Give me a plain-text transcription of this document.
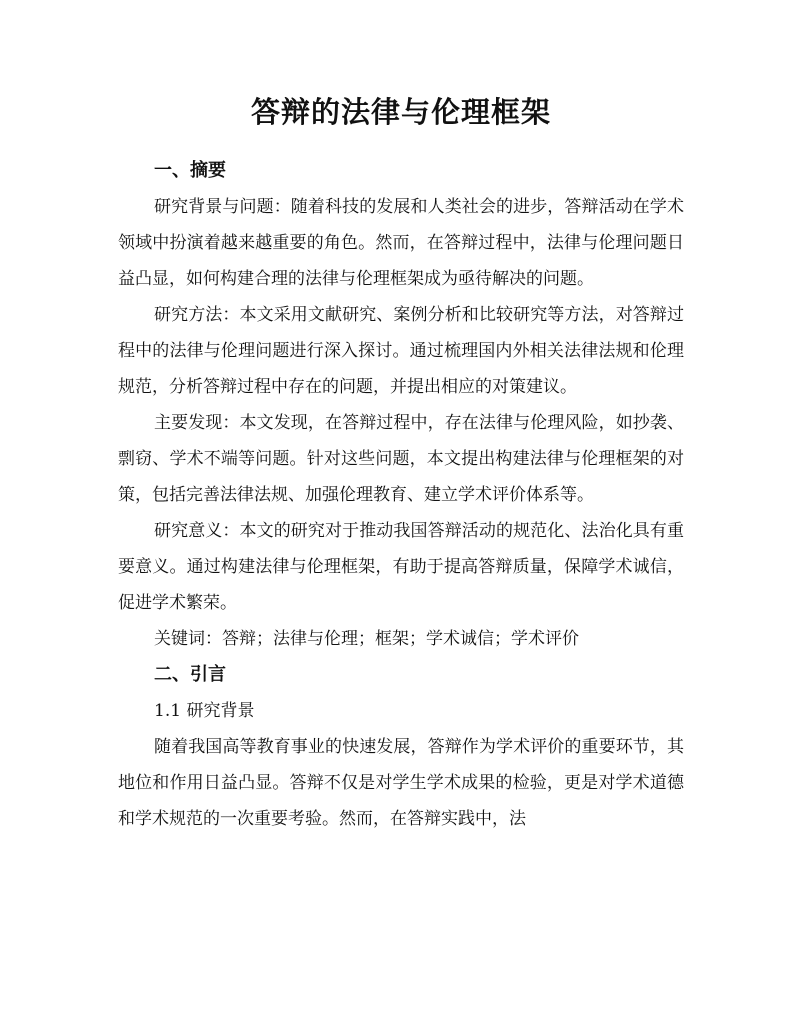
答辩的法律与伦理框架
一、摘要

研究背景与问题：随着科技的发展和人类社会的进步，答辩活动在学术领域中扮演着越来越重要的角色。然而，在答辩过程中，法律与伦理问题日益凸显，如何构建合理的法律与伦理框架成为亟待解决的问题。

研究方法：本文采用文献研究、案例分析和比较研究等方法，对答辩过程中的法律与伦理问题进行深入探讨。通过梳理国内外相关法律法规和伦理规范，分析答辩过程中存在的问题，并提出相应的对策建议。

主要发现：本文发现，在答辩过程中，存在法律与伦理风险，如抄袭、剽窃、学术不端等问题。针对这些问题，本文提出构建法律与伦理框架的对策，包括完善法律法规、加强伦理教育、建立学术评价体系等。

研究意义：本文的研究对于推动我国答辩活动的规范化、法治化具有重要意义。通过构建法律与伦理框架，有助于提高答辩质量，保障学术诚信，促进学术繁荣。

关键词：答辩；法律与伦理；框架；学术诚信；学术评价
二、引言
1.1 研究背景

随着我国高等教育事业的快速发展，答辩作为学术评价的重要环节，其地位和作用日益凸显。答辩不仅是对学生学术成果的检验，更是对学术道德和学术规范的一次重要考验。然而，在答辩实践中，法
